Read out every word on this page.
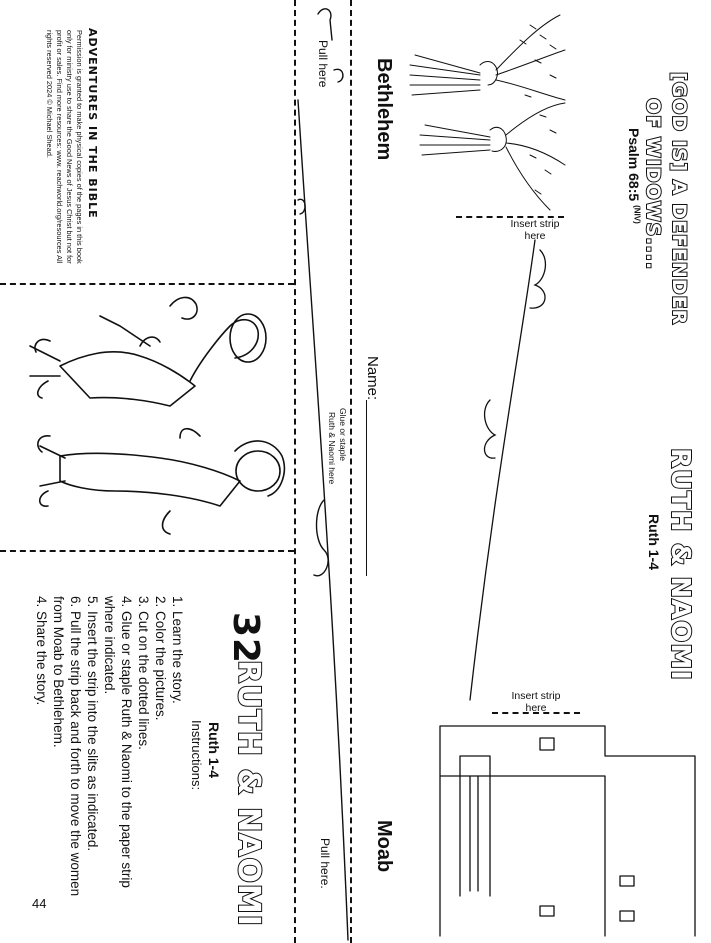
ADVENTURES IN THE BIBLE
Permission is granted to make physical copies of the pages in this book only for ministry use to share the Good News of Jesus Christ but not for profit or sales. Find more resources: www. reachworld.org/resources All rights reserved 2024 © Michael Shead.
32
RUTH & NAOMI
Ruth 1-4
Instructions:
1. Learn the story.
2. Color the pictures.
3. Cut on the dotted lines.
4. Glue or staple Ruth & Naomi to the paper strip
where indicated.
5. Insert the strip into the slits as indicated.
6. Pull the strip back and forth to move the women
from Moab to Bethlehem.
4. Share the story.
44
Pull here
Glue or staple
Ruth & Naomi here
Bethlehem
Moab
Pull here.
Name:
Insert strip here
Insert strip here
[GOD IS] A DEFENDER
OF WIDOWS....
Psalm 68:5 $^{(NIV)}$
RUTH & NAOMI
Ruth 1-4
